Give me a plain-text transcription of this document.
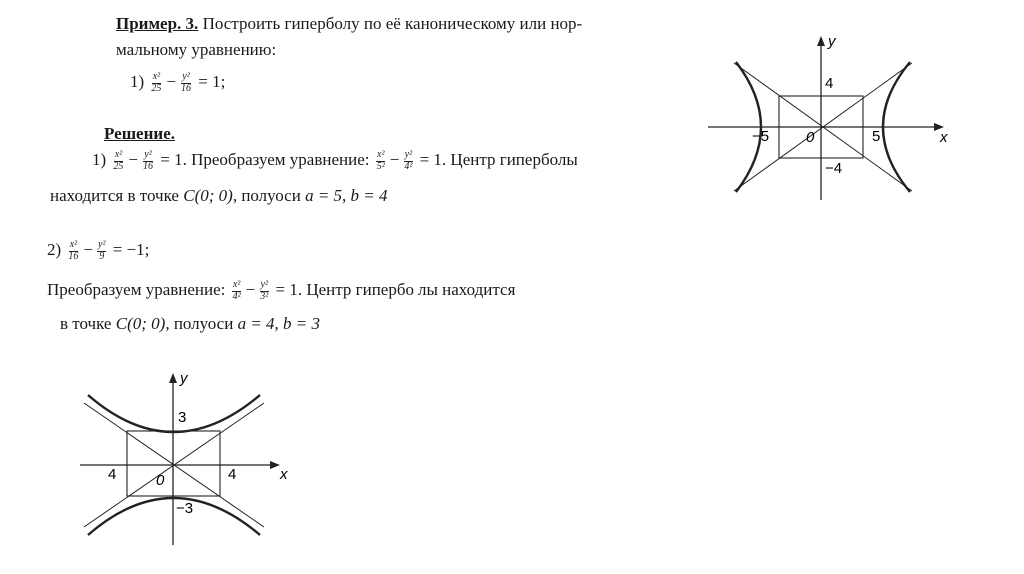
Пример. 3. Построить гиперболу по её каноническому или нор-
мальному уравнению:
$1) \frac{\text{x²}}{25} - \frac{\text{y²}}{16} = 1$;
Решение.
$1) \frac{\text{x²}}{25} - \frac{\text{y²}}{16} = 1$. Преобразуем уравнение: $\frac{\text{x²}}{\text{5²}} - \frac{\text{y²}}{\text{4²}} = 1$. Центр гиперболы
находится в точке C(0; 0), полуоси a = 5, b = 4
$2) \frac{\text{x²}}{16} - \frac{\text{y²}}{9} = -1$;
Преобразуем уравнение: $\frac{\text{x²}}{\text{4²}} - \frac{\text{y²}}{\text{3²}} = 1$. Центр гипербо лы находится
в точке C(0; 0), полуоси a = 4, b = 3
x
y
0	5
−5
4
−4
x
y
0	4
4
3
−3
